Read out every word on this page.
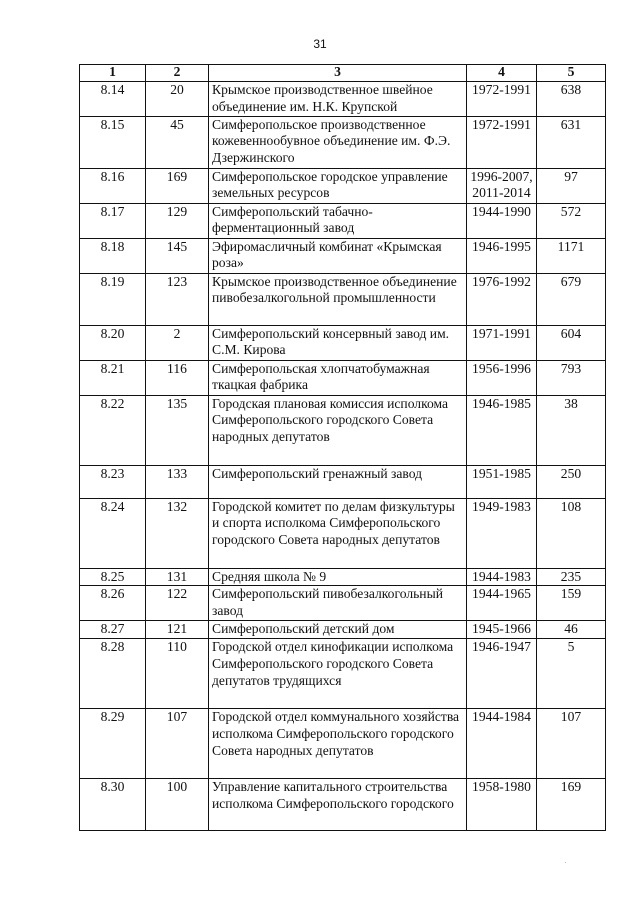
31
1	2	3	4	5
8.14	20	Крымское производственное швейное объединение им. Н.К. Крупской	1972-1991	638
8.15	45	Симферопольское производственное кожевеннообувное объединение им. Ф.Э. Дзержинского	1972-1991	631
8.16	169	Симферопольское городское управление земельных ресурсов	1996-2007, 2011-2014	97
8.17	129	Симферопольский табачно-ферментационный завод	1944-1990	572
8.18	145	Эфиромасличный комбинат «Крымская роза»	1946-1995	1171
8.19	123	Крымское производственное объединение пивобезалкогольной промышленности	1976-1992	679
8.20	2	Симферопольский консервный завод им. С.М. Кирова	1971-1991	604
8.21	116	Симферопольская хлопчатобумажная ткацкая фабрика	1956-1996	793
8.22	135	Городская плановая комиссия исполкома Симферопольского городского Совета народных депутатов	1946-1985	38
8.23	133	Симферопольский гренажный завод	1951-1985	250
8.24	132	Городской комитет по делам физкультуры и спорта исполкома Симферопольского городского Совета народных депутатов	1949-1983	108
8.25	131	Средняя школа № 9	1944-1983	235
8.26	122	Симферопольский пивобезалкогольный завод	1944-1965	159
8.27	121	Симферопольский детский дом	1945-1966	46
8.28	110	Городской отдел кинофикации исполкома Симферопольского городского Совета депутатов трудящихся	1946-1947	5
8.29	107	Городской отдел коммунального хозяйства исполкома Симферопольского городского Совета народных депутатов	1944-1984	107
8.30	100	Управление капитального строительства исполкома Симферопольского городского	1958-1980	169
·
